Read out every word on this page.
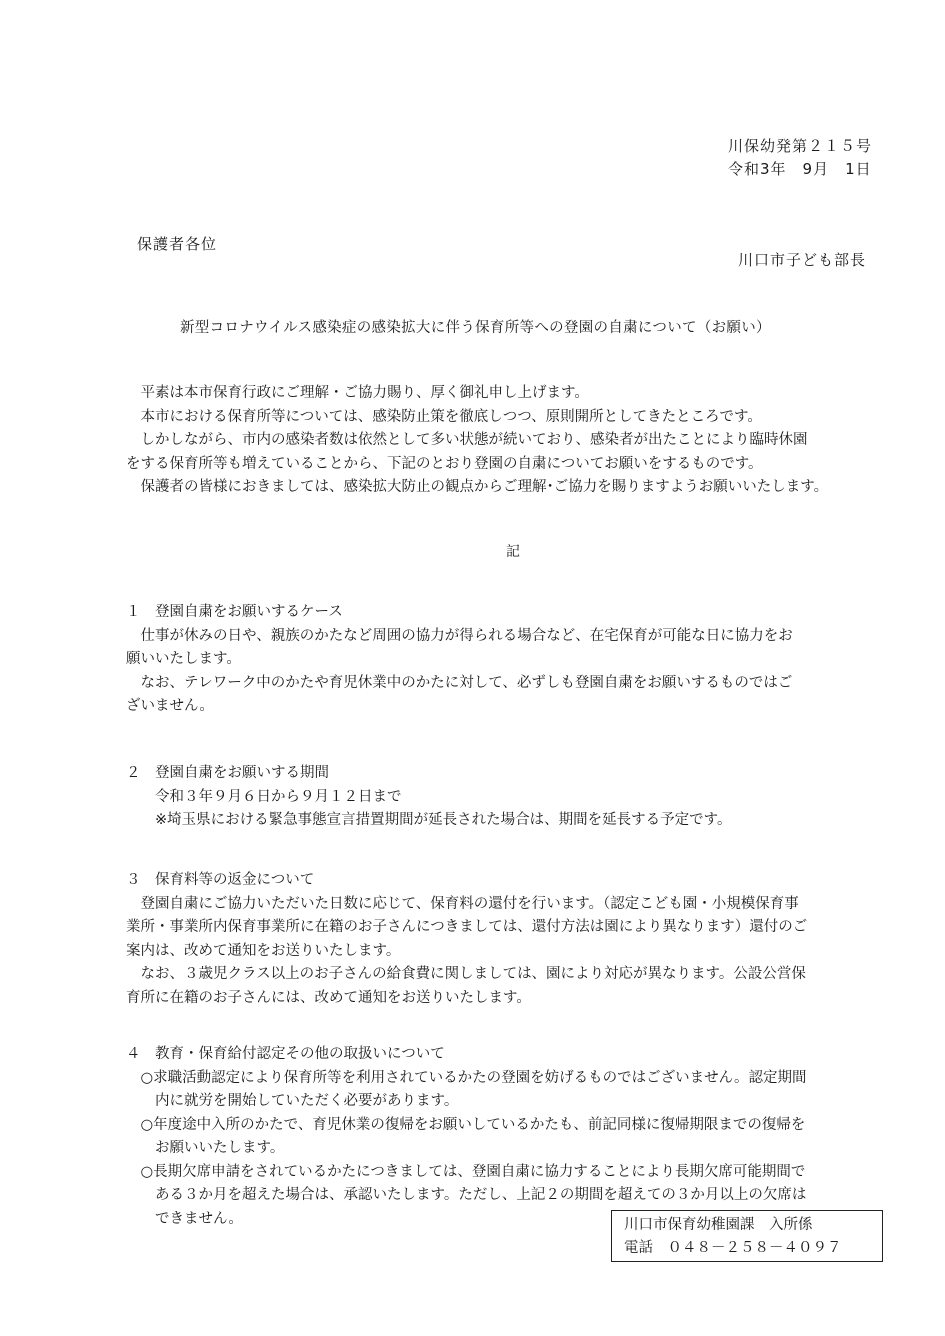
川保幼発第２１５号
令和3年　9月　1日
保護者各位
川口市子ども部長
新型コロナウイルス感染症の感染拡大に伴う保育所等への登園の自粛について（お願い）
　平素は本市保育行政にご理解・ご協力賜り、厚く御礼申し上げます。
　本市における保育所等については、感染防止策を徹底しつつ、原則開所としてきたところです。
　しかしながら、市内の感染者数は依然として多い状態が続いており、感染者が出たことにより臨時休園
をする保育所等も増えていることから、下記のとおり登園の自粛についてお願いをするものです。
　保護者の皆様におきましては、感染拡大防止の観点からご理解･ご協力を賜りますようお願いいたします。
記
１　登園自粛をお願いするケース
　仕事が休みの日や、親族のかたなど周囲の協力が得られる場合など、在宅保育が可能な日に協力をお
願いいたします。
　なお、テレワーク中のかたや育児休業中のかたに対して、必ずしも登園自粛をお願いするものではご
ざいません。
２　登園自粛をお願いする期間
　　令和３年９月６日から９月１２日まで
　　※埼玉県における緊急事態宣言措置期間が延長された場合は、期間を延長する予定です。
３　保育料等の返金について
　登園自粛にご協力いただいた日数に応じて、保育料の還付を行います。（認定こども園・小規模保育事
業所・事業所内保育事業所に在籍のお子さんにつきましては、還付方法は園により異なります）還付のご
案内は、改めて通知をお送りいたします。
　なお、３歳児クラス以上のお子さんの給食費に関しましては、園により対応が異なります。公設公営保
育所に在籍のお子さんには、改めて通知をお送りいたします。
４　教育・保育給付認定その他の取扱いについて
　○求職活動認定により保育所等を利用されているかたの登園を妨げるものではございません。認定期間
　　内に就労を開始していただく必要があります。
　○年度途中入所のかたで、育児休業の復帰をお願いしているかたも、前記同様に復帰期限までの復帰を
　　お願いいたします。
　○長期欠席申請をされているかたにつきましては、登園自粛に協力することにより長期欠席可能期間で
　　ある３か月を超えた場合は、承認いたします。ただし、上記２の期間を超えての３か月以上の欠席は
　　できません。	川口市保育幼稚園課　入所係
電話　０４８－２５８－４０９７
